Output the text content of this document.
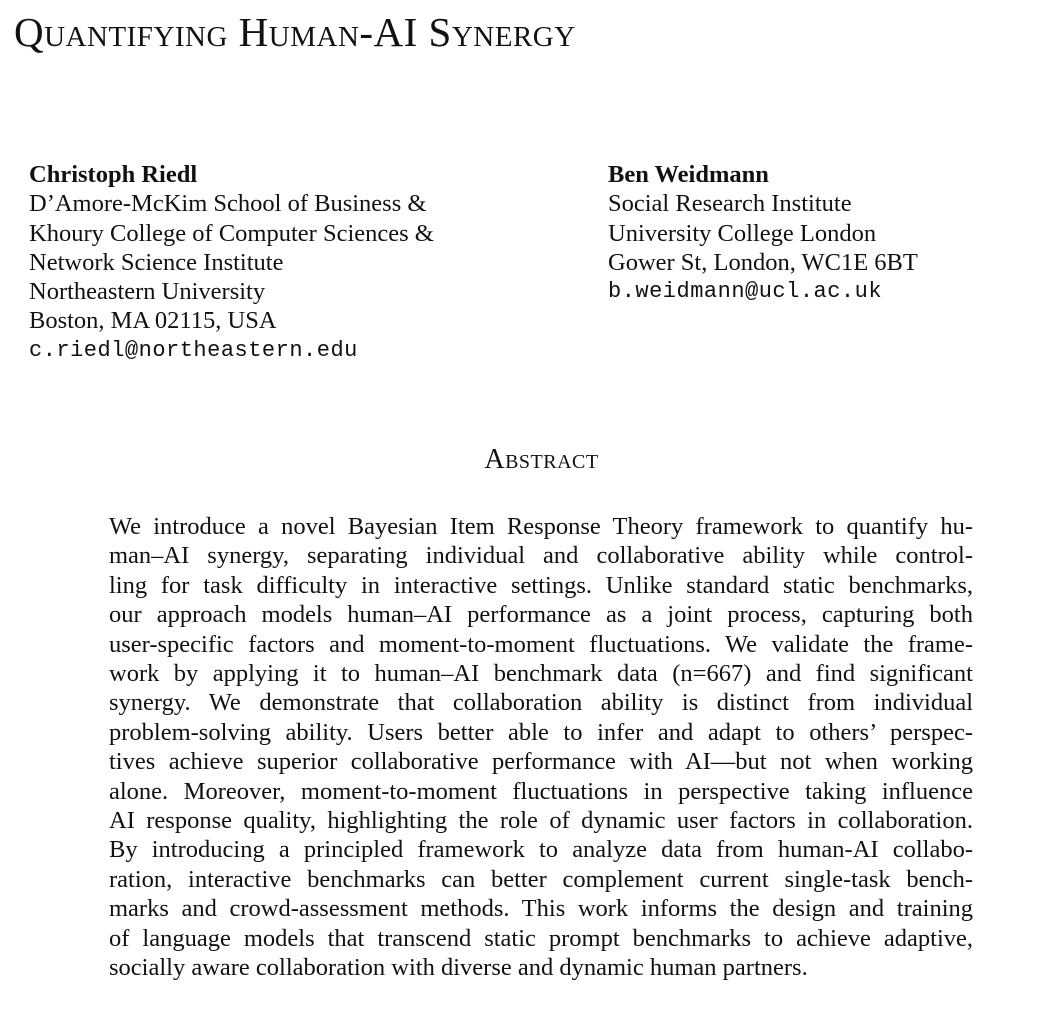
Quantifying Human-AI Synergy
Christoph Riedl
D’Amore-McKim School of Business &
Khoury College of Computer Sciences &
Network Science Institute
Northeastern University
Boston, MA 02115, USA
c.riedl@northeastern.edu
Ben Weidmann
Social Research Institute
University College London
Gower St, London, WC1E 6BT
b.weidmann@ucl.ac.uk
Abstract
We introduce a novel Bayesian Item Response Theory framework to quantify hu-
man–AI synergy, separating individual and collaborative ability while control-
ling for task difficulty in interactive settings. Unlike standard static benchmarks,
our approach models human–AI performance as a joint process, capturing both
user-specific factors and moment-to-moment fluctuations. We validate the frame-
work by applying it to human–AI benchmark data (n=667) and find significant
synergy. We demonstrate that collaboration ability is distinct from individual
problem-solving ability. Users better able to infer and adapt to others’ perspec-
tives achieve superior collaborative performance with AI—but not when working
alone. Moreover, moment-to-moment fluctuations in perspective taking influence
AI response quality, highlighting the role of dynamic user factors in collaboration.
By introducing a principled framework to analyze data from human-AI collabo-
ration, interactive benchmarks can better complement current single-task bench-
marks and crowd-assessment methods. This work informs the design and training
of language models that transcend static prompt benchmarks to achieve adaptive,
socially aware collaboration with diverse and dynamic human partners.
